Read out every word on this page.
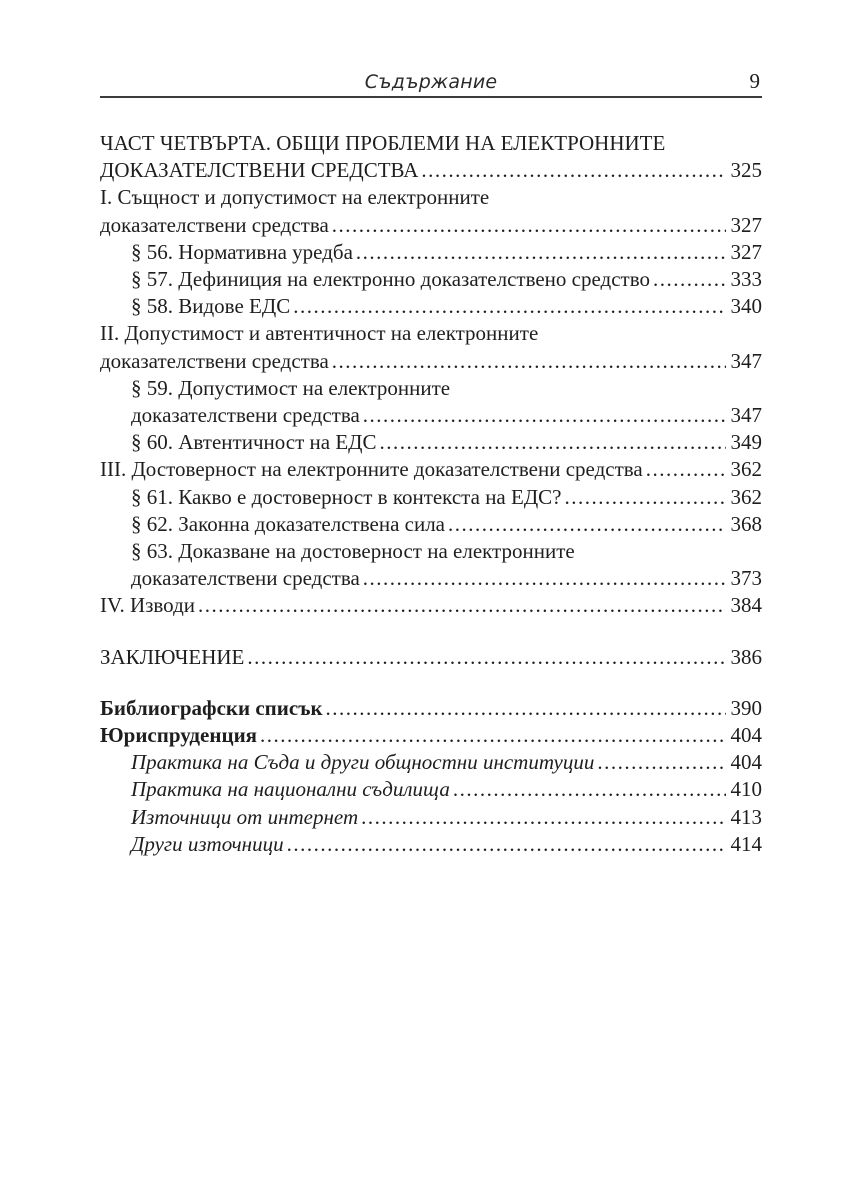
Съдържание	9
ЧАСТ ЧЕТВЪРТА. ОБЩИ ПРОБЛЕМИ НА ЕЛЕКТРОННИТЕ
ДОКАЗАТЕЛСТВЕНИ СРЕДСТВА .....	325
I. Същност и допустимост на електронните
доказателствени средства .....	327
§ 56. Нормативна уредба .....	327
§ 57. Дефиниция на електронно доказателствено средство .....	333
§ 58. Видове ЕДС .....	340
II. Допустимост и автентичност на електронните
доказателствени средства .....	347
§ 59. Допустимост на електронните
доказателствени средства .....	347
§ 60. Автентичност на ЕДС .....	349
III. Достоверност на електронните доказателствени средства .....	362
§ 61. Какво е достоверност в контекста на ЕДС? .....	362
§ 62. Законна доказателствена сила .....	368
§ 63. Доказване на достоверност на електронните
доказателствени средства .....	373
IV. Изводи .....	384
ЗАКЛЮЧЕНИЕ .....	386
Библиографски списък .....	390
Юриспруденция .....	404
Практика на Съда и други общностни институции .....	404
Практика на национални съдилища .....	410
Източници от интернет .....	413
Други източници .....	414
